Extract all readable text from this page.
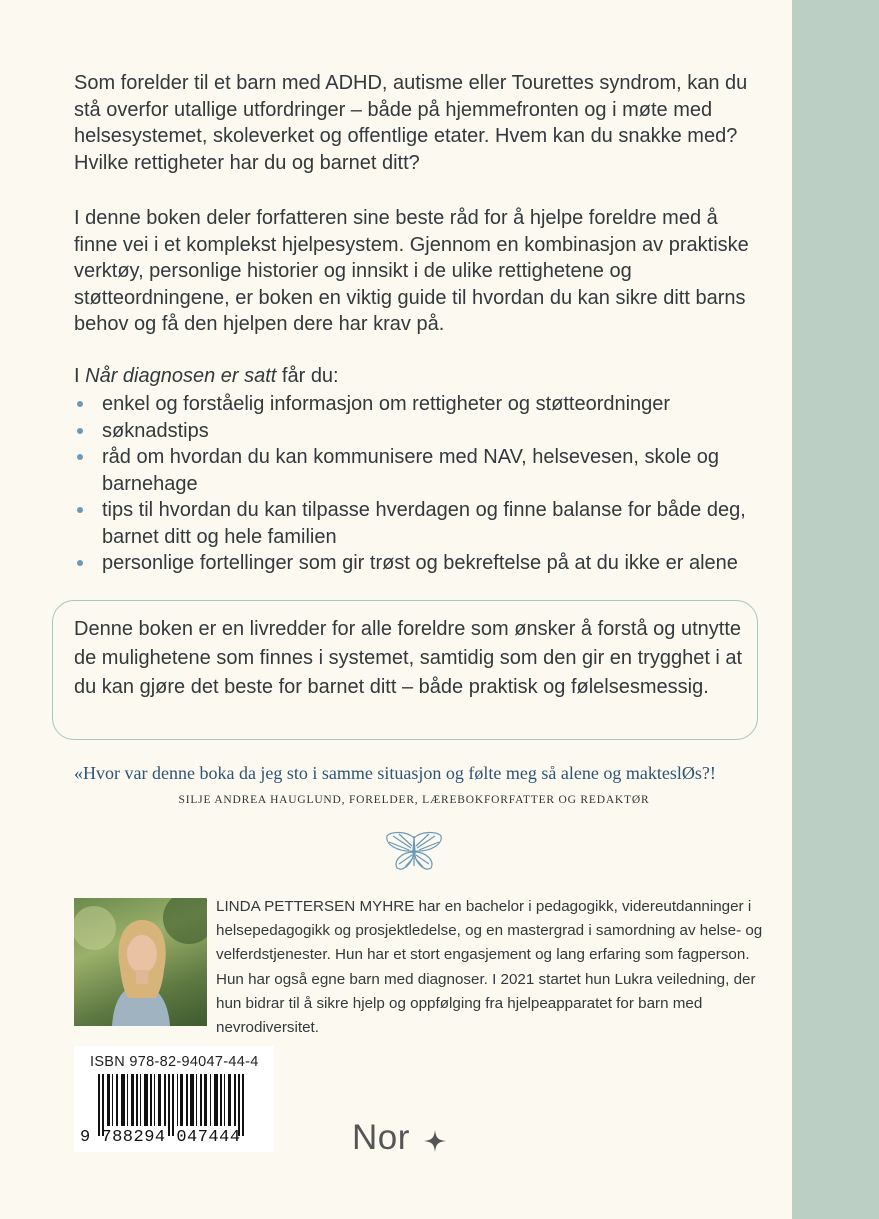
Som forelder til et barn med ADHD, autisme eller Tourettes syndrom, kan du stå overfor utallige utfordringer – både på hjemmefronten og i møte med helsesystemet, skoleverket og offentlige etater. Hvem kan du snakke med? Hvilke rettigheter har du og barnet ditt?

I denne boken deler forfatteren sine beste råd for å hjelpe foreldre med å finne vei i et komplekst hjelpesystem. Gjennom en kombinasjon av praktiske verktøy, personlige historier og innsikt i de ulike rettighetene og støtteordningene, er boken en viktig guide til hvordan du kan sikre ditt barns behov og få den hjelpen dere har krav på.

I Når diagnosen er satt får du:

enkel og forståelig informasjon om rettigheter og støtteordninger
søknadstips
råd om hvordan du kan kommunisere med NAV, helsevesen, skole og barnehage
tips til hvordan du kan tilpasse hverdagen og finne balanse for både deg, barnet ditt og hele familien
personlige fortellinger som gir trøst og bekreftelse på at du ikke er alene

Denne boken er en livredder for alle foreldre som ønsker å forstå og utnytte de mulighetene som finnes i systemet, samtidig som den gir en trygghet i at du kan gjøre det beste for barnet ditt – både praktisk og følelsesmessig.

«Hvor var denne boka da jeg sto i samme situasjon og følte meg så alene og makteslØs?!

SILJE ANDREA HAUGLUND, FORELDER, LÆREBOKFORFATTER OG REDAKTØR

LINDA PETTERSEN MYHRE har en bachelor i pedagogikk, videreutdanninger i helsepedagogikk og prosjektledelse, og en mastergrad i samordning av helse- og velferdstjenester. Hun har et stort engasjement og lang erfaring som fagperson. Hun har også egne barn med diagnoser. I 2021 startet hun Lukra veiledning, der hun bidrar til å sikre hjelp og oppfølging fra hjelpeapparatet for barn med nevrodiversitet.

ISBN 978-82-94047-44-4

9 788294 047444	Nor
